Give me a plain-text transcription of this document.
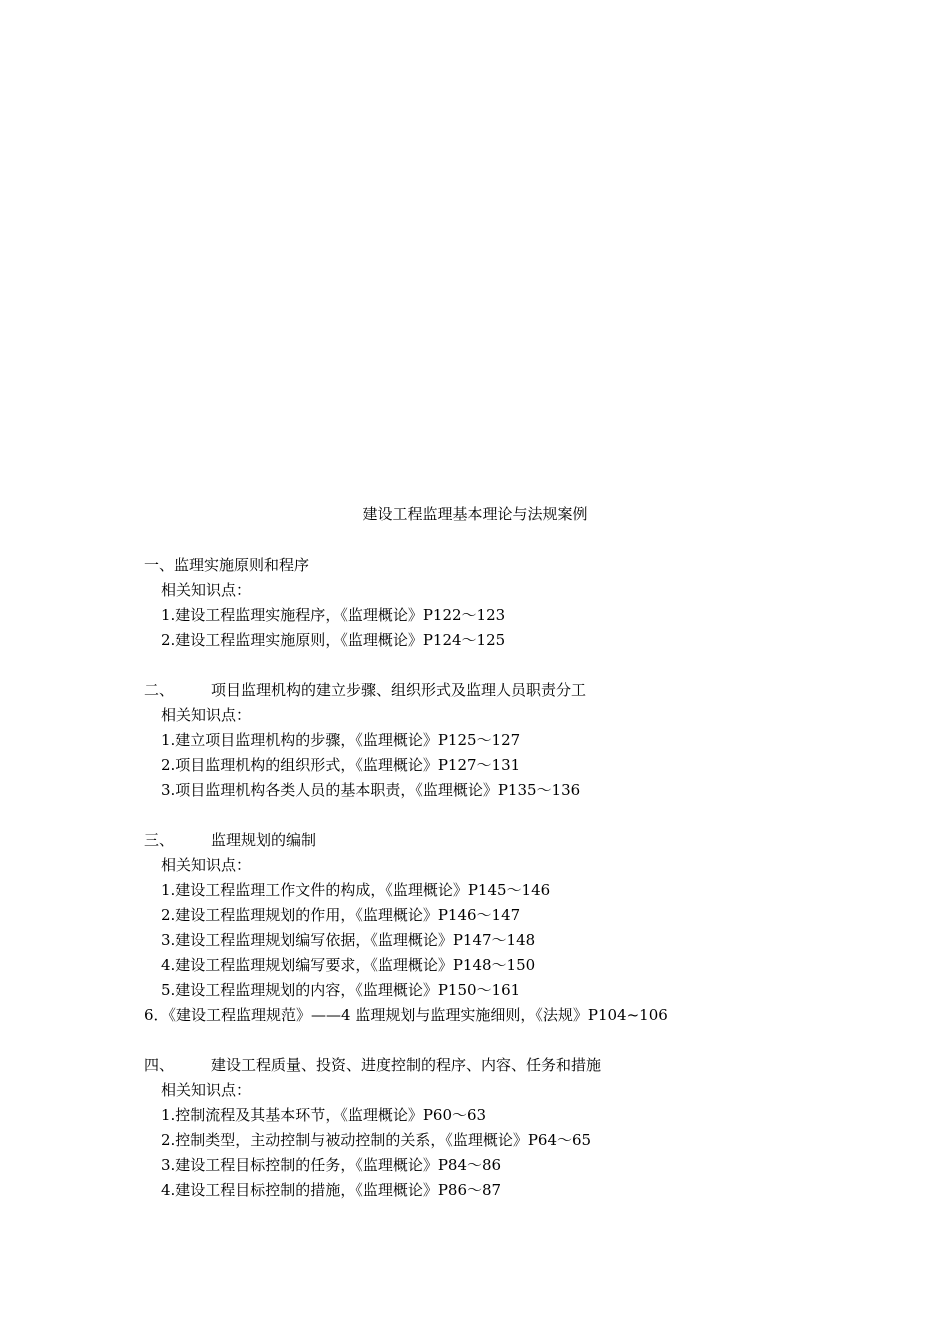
建设工程监理基本理论与法规案例
一、监理实施原则和程序
相关知识点：
1.建设工程监理实施程序，《监理概论》P122～123
2.建设工程监理实施原则，《监理概论》P124～125
二、 项目监理机构的建立步骤、组织形式及监理人员职责分工
相关知识点：
1.建立项目监理机构的步骤，《监理概论》P125～127
2.项目监理机构的组织形式，《监理概论》P127～131
3.项目监理机构各类人员的基本职责，《监理概论》P135～136
三、 监理规划的编制
相关知识点：
1.建设工程监理工作文件的构成，《监理概论》P145～146
2.建设工程监理规划的作用，《监理概论》P146～147
3.建设工程监理规划编写依据，《监理概论》P147～148
4.建设工程监理规划编写要求，《监理概论》P148～150
5.建设工程监理规划的内容，《监理概论》P150～161
6．《建设工程监理规范》——4 监理规划与监理实施细则，《法规》P104~106
四、 建设工程质量、投资、进度控制的程序、内容、任务和措施
相关知识点：
1.控制流程及其基本环节，《监理概论》P60～63
2.控制类型，主动控制与被动控制的关系，《监理概论》P64～65
3.建设工程目标控制的任务，《监理概论》P84～86
4.建设工程目标控制的措施，《监理概论》P86～87
